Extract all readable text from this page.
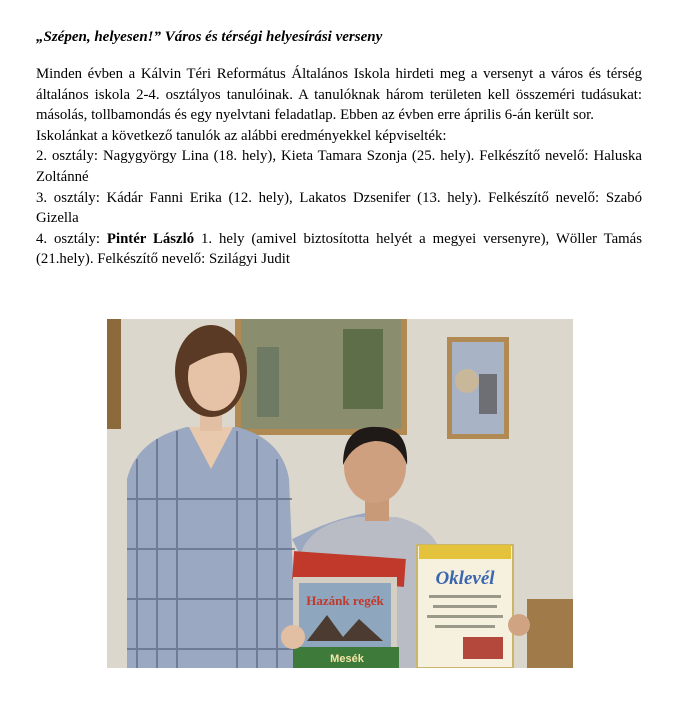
„Szépen, helyesen!” Város és térségi helyesírási verseny

Minden évben a Kálvin Téri Református Általános Iskola hirdeti meg a versenyt a város és térség általános iskola 2-4. osztályos tanulóinak. A tanulóknak három területen kell összeméri tudásukat: másolás, tollbamondás és egy nyelvtani feladatlap. Ebben az évben erre április 6-án került sor.

Iskolánkat a következő tanulók az alábbi eredményekkel képviselték:

2. osztály: Nagygyörgy Lina (18. hely), Kieta Tamara Szonja (25. hely). Felkészítő nevelő: Haluska Zoltánné

3. osztály: Kádár Fanni Erika (12. hely), Lakatos Dzsenifer (13. hely). Felkészítő nevelő: Szabó Gizella

4. osztály: Pintér László 1. hely (amivel biztosította helyét a megyei versenyre), Wöller Tamás (21.hely). Felkészítő nevelő: Szilágyi Judit

Hazánk regék
Mesék
Oklevél
